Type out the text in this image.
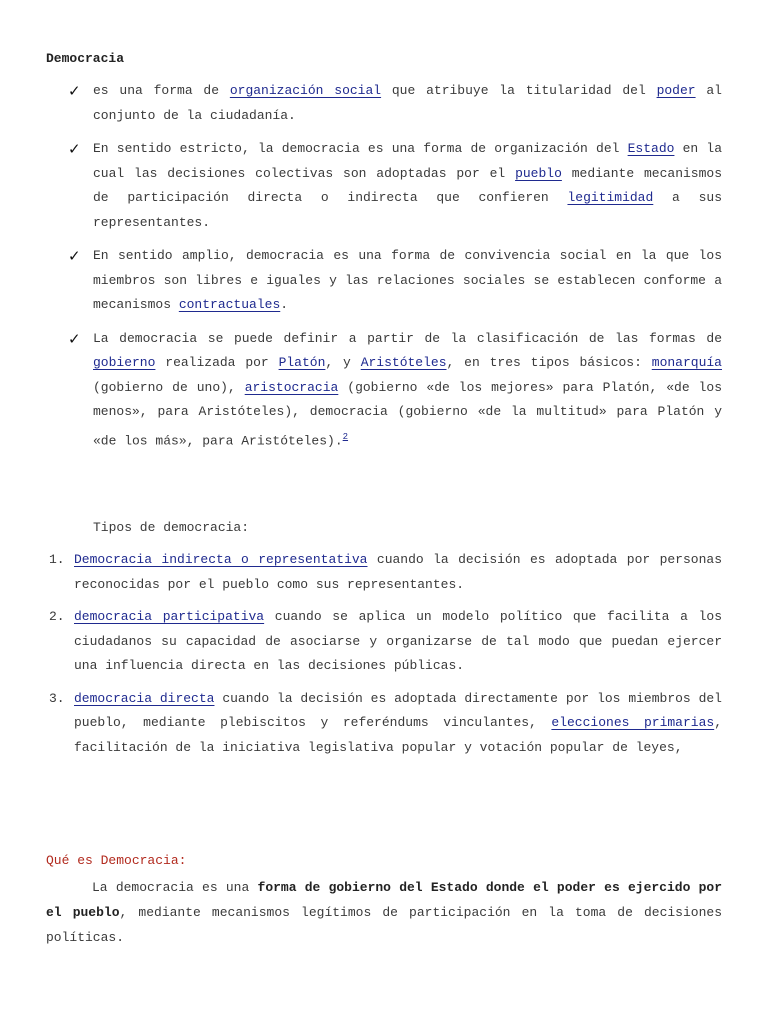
Democracia
✓ es una forma de organización social que atribuye la titularidad del poder al conjunto de la ciudadanía.
✓ En sentido estricto, la democracia es una forma de organización del Estado en la cual las decisiones colectivas son adoptadas por el pueblo mediante mecanismos de participación directa o indirecta que confieren legitimidad a sus representantes.
✓ En sentido amplio, democracia es una forma de convivencia social en la que los miembros son libres e iguales y las relaciones sociales se establecen conforme a mecanismos contractuales.
✓ La democracia se puede definir a partir de la clasificación de las formas de gobierno realizada por Platón, y Aristóteles, en tres tipos básicos: monarquía (gobierno de uno), aristocracia (gobierno «de los mejores» para Platón, «de los menos», para Aristóteles), democracia (gobierno «de la multitud» para Platón y «de los más», para Aristóteles).$^2$
Tipos de democracia:
1. Democracia indirecta o representativa cuando la decisión es adoptada por personas reconocidas por el pueblo como sus representantes.
2. democracia participativa cuando se aplica un modelo político que facilita a los ciudadanos su capacidad de asociarse y organizarse de tal modo que puedan ejercer una influencia directa en las decisiones públicas.
3. democracia directa cuando la decisión es adoptada directamente por los miembros del pueblo, mediante plebiscitos y referéndums vinculantes, elecciones primarias, facilitación de la iniciativa legislativa popular y votación popular de leyes,
Qué es Democracia:

La democracia es una forma de gobierno del Estado donde el poder es ejercido por el pueblo, mediante mecanismos legítimos de participación en la toma de decisiones políticas.
